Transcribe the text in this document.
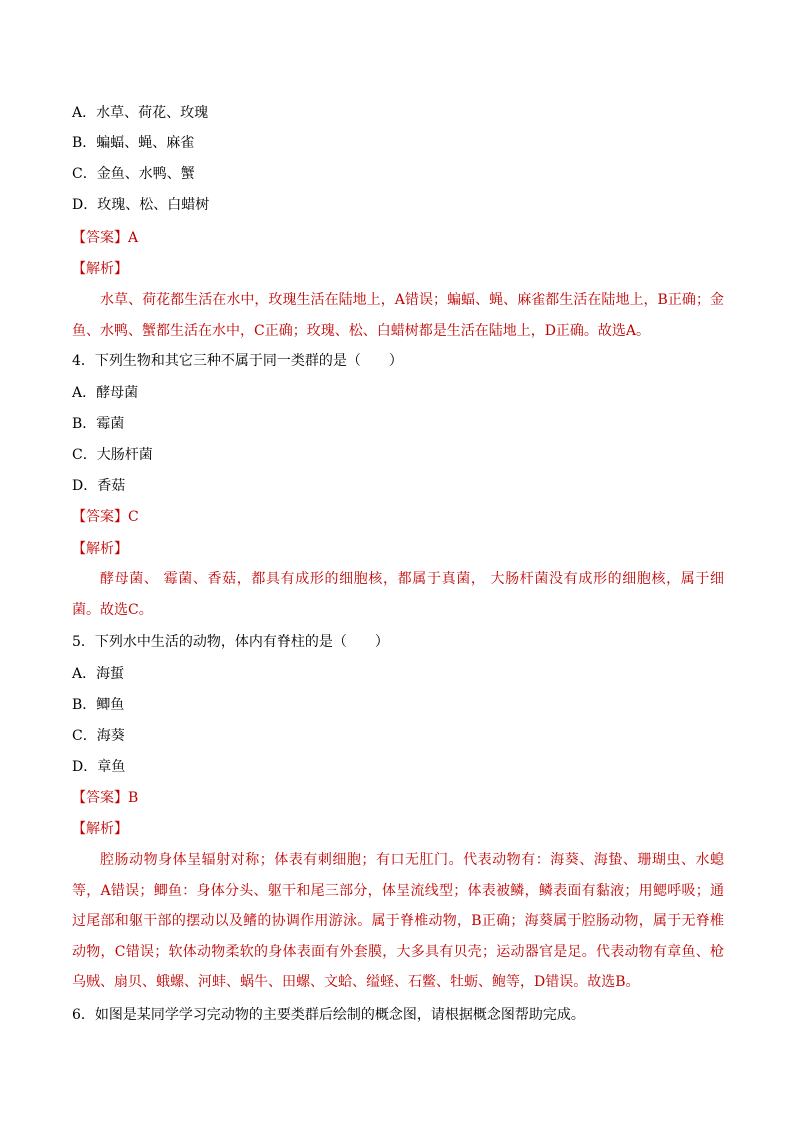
A．水草、荷花、玫瑰
B．蝙蝠、蝇、麻雀
C．金鱼、水鸭、蟹
D．玫瑰、松、白蜡树
【答案】A
【解析】
水草、荷花都生活在水中，玫瑰生活在陆地上，A错误；蝙蝠、蝇、麻雀都生活在陆地上，B正确；金鱼、水鸭、蟹都生活在水中，C正确；玫瑰、松、白蜡树都是生活在陆地上，D正确。故选A。
4．下列生物和其它三种不属于同一类群的是（　　）
A．酵母菌
B．霉菌
C．大肠杆菌
D．香菇
【答案】C
【解析】
酵母菌、 霉菌、香菇，都具有成形的细胞核，都属于真菌， 大肠杆菌没有成形的细胞核，属于细菌。故选C。
5．下列水中生活的动物，体内有脊柱的是（　　）
A．海蜇
B．鲫鱼
C．海葵
D．章鱼
【答案】B
【解析】
腔肠动物身体呈辐射对称；体表有刺细胞；有口无肛门。代表动物有：海葵、海蛰、珊瑚虫、水螅等，A错误；鲫鱼：身体分头、躯干和尾三部分，体呈流线型；体表被鳞，鳞表面有黏液；用鳃呼吸；通过尾部和躯干部的摆动以及鳍的协调作用游泳。属于脊椎动物，B正确；海葵属于腔肠动物，属于无脊椎动物，C错误；软体动物柔软的身体表面有外套膜，大多具有贝壳；运动器官是足。代表动物有章鱼、枪乌贼、扇贝、蛾螺、河蚌、蜗牛、田螺、文蛤、缢蛏、石鳖、牡蛎、鲍等，D错误。故选B。
6．如图是某同学学习完动物的主要类群后绘制的概念图，请根据概念图帮助完成。
